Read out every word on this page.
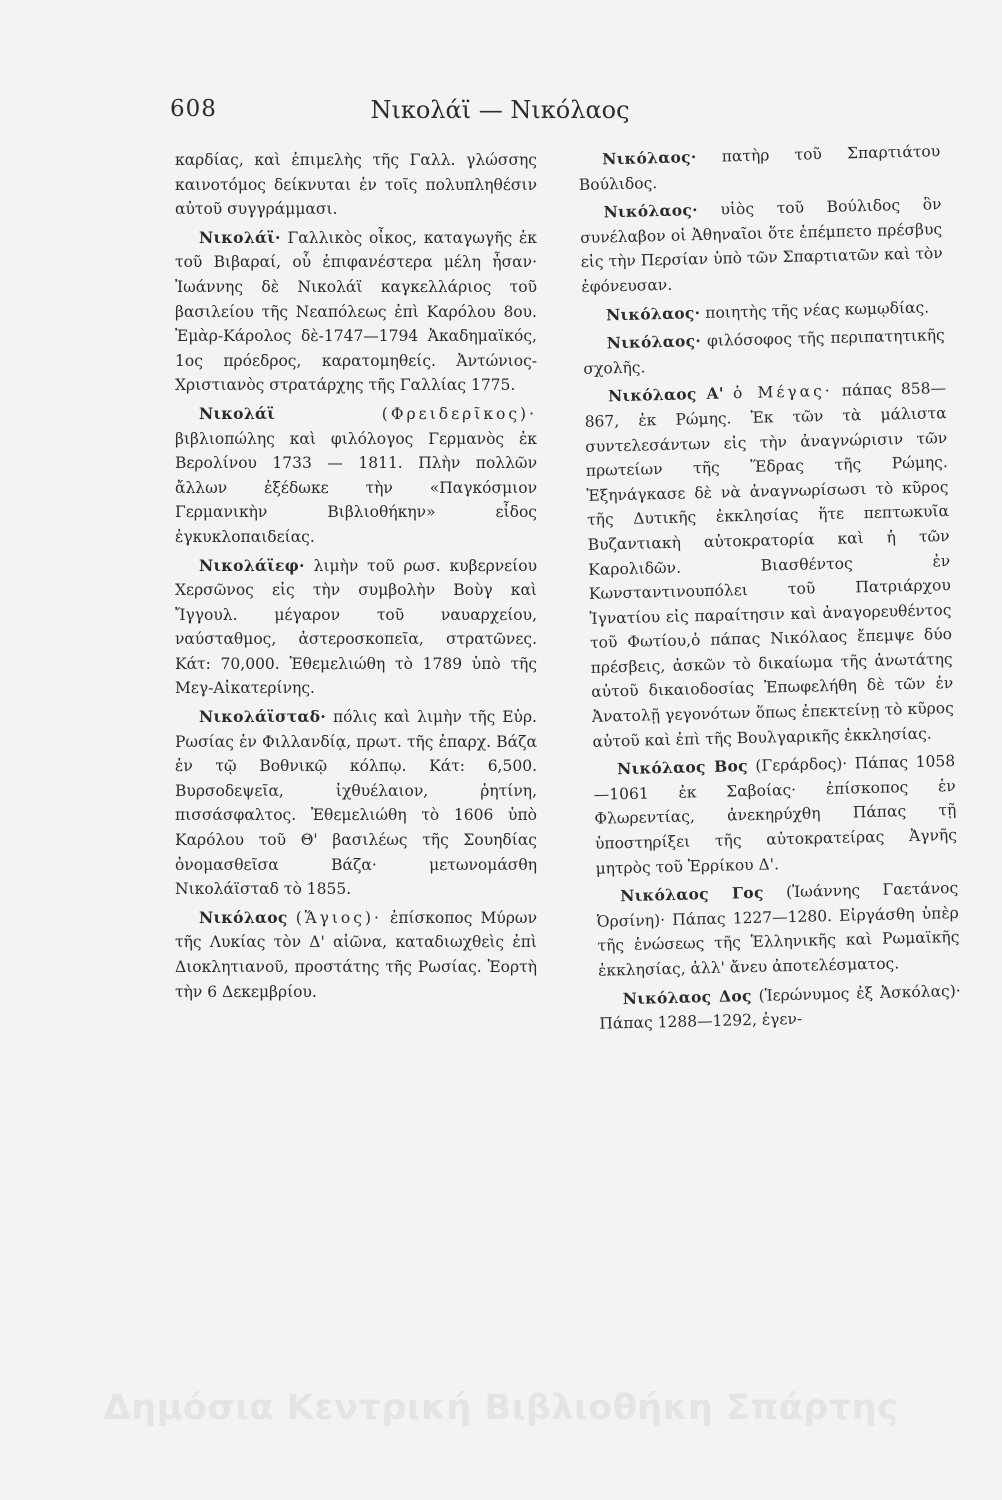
608	Νικολάϊ — Νικόλαος

καρδίας, καὶ ἐπιμελὴς τῆς Γαλλ. γλώσσης καινοτόμος δείκνυται ἐν τοῖς πολυπληθέσιν αὐτοῦ συγγράμμασι.

Νικολάϊ· Γαλλικὸς οἶκος, καταγωγῆς ἐκ τοῦ Βιβαραί, οὗ ἐπιφανέστερα μέλη ἦσαν· Ἰωάννης δὲ Νικολάϊ καγκελλάριος τοῦ βασιλείου τῆς Νεαπόλεως ἐπὶ Καρόλου 8ου. Ἐμὰρ-Κάρολος δὲ-1747—1794 Ἀκαδημαϊκός, 1ος πρόεδρος, καρατομηθείς. Ἀντώνιος-Χριστιανὸς στρατάρχης τῆς Γαλλίας 1775.

Νικολάϊ	(Φρειδερῖκος)· βιβλιοπώλης καὶ φιλόλογος Γερμανὸς ἐκ Βερολίνου 1733 — 1811. Πλὴν πολλῶν ἄλλων ἐξέδωκε τὴν «Παγκόσμιον Γερμανικὴν Βιβλιοθήκην» εἶδος ἐγκυκλοπαιδείας.

Νικολάϊεφ· λιμὴν τοῦ ρωσ. κυβερνείου Χερσῶνος εἰς τὴν συμβολὴν Βοὺγ καὶ Ἴγγουλ. μέγαρον τοῦ ναυαρχείου, ναύσταθμος, ἀστεροσκοπεῖα, στρατῶνες. Κάτ: 70,000. Ἐθεμελιώθη τὸ 1789 ὑπὸ τῆς Μεγ-Αἰκατερίνης.

Νικολάϊσταδ· πόλις καὶ λιμὴν τῆς Εὐρ. Ρωσίας ἐν Φιλλανδίᾳ, πρωτ. τῆς ἐπαρχ. Βάζα ἐν τῷ Βοθνικῷ κόλπῳ. Κάτ: 6,500. Βυρσοδεψεῖα, ἰχθυέλαιον, ῥητίνη, πισσάσφαλτος. Ἐθεμελιώθη τὸ 1606 ὑπὸ Καρόλου τοῦ Θ' βασιλέως τῆς Σουηδίας ὀνομασθεῖσα Βάζα· μετωνομάσθη Νικολάϊσταδ τὸ 1855.

Νικόλαος (Ἅγιος)· ἐπίσκοπος Μύρων τῆς Λυκίας τὸν Δ' αἰῶνα, καταδιωχθεὶς ἐπὶ Διοκλητιανοῦ, προστάτης τῆς Ρωσίας. Ἑορτὴ τὴν 6 Δεκεμβρίου.

Νικόλαος· πατὴρ τοῦ Σπαρτιάτου Βούλιδος.

Νικόλαος· υἱὸς τοῦ Βούλιδος ὃν συνέλαβον οἱ Ἀθηναῖοι ὅτε ἐπέμπετο πρέσβυς εἰς τὴν Περσίαν ὑπὸ τῶν Σπαρτιατῶν καὶ τὸν ἐφόνευσαν.

Νικόλαος· ποιητὴς τῆς νέας κωμῳδίας.

Νικόλαος· φιλόσοφος τῆς περιπατητικῆς σχολῆς.

Νικόλαος Α' ὁ Μέγας· πάπας 858—867, ἐκ Ρώμης. Ἐκ τῶν τὰ μάλιστα συντελεσάντων εἰς τὴν ἀναγνώρισιν τῶν πρωτείων τῆς Ἕδρας τῆς Ρώμης. Ἐξηνάγκασε δὲ νὰ ἀναγνωρίσωσι τὸ κῦρος τῆς Δυτικῆς ἐκκλησίας ἥτε πεπτωκυῖα Βυζαντιακὴ αὐτοκρατορία καὶ ἡ τῶν Καρολιδῶν. Βιασθέντος ἐν Κωνσταντινουπόλει τοῦ Πατριάρχου Ἰγνατίου εἰς παραίτησιν καὶ ἀναγορευθέντος τοῦ Φωτίου,ὁ πάπας Νικόλαος ἔπεμψε δύο πρέσβεις, ἀσκῶν τὸ δικαίωμα τῆς ἀνωτάτης αὐτοῦ δικαιοδοσίας Ἐπωφελήθη δὲ τῶν ἐν Ἀνατολῇ γεγονότων ὅπως ἐπεκτείνῃ τὸ κῦρος αὐτοῦ καὶ ἐπὶ τῆς Βουλγαρικῆς ἐκκλησίας.

Νικόλαος Βος (Γεράρδος)· Πάπας 1058—1061 ἐκ Σαβοίας· ἐπίσκοπος ἐν Φλωρεντίας, ἀνεκηρύχθη Πάπας τῇ ὑποστηρίξει τῆς αὐτοκρατείρας Ἀγνῆς μητρὸς τοῦ Ἑρρίκου Δ'.

Νικόλαος Γος (Ἰωάννης Γαετάνος Ὀρσίνη)· Πάπας 1227—1280. Εἰργάσθη ὑπὲρ τῆς ἑνώσεως τῆς Ἑλληνικῆς καὶ Ρωμαϊκῆς ἐκκλησίας, ἀλλ' ἄνευ ἀποτελέσματος.

Νικόλαος Δος (Ἱερώνυμος ἐξ Ἀσκόλας)· Πάπας 1288—1292, ἐγεν-

Δημόσια Κεντρική Βιβλιοθήκη Σπάρτης
